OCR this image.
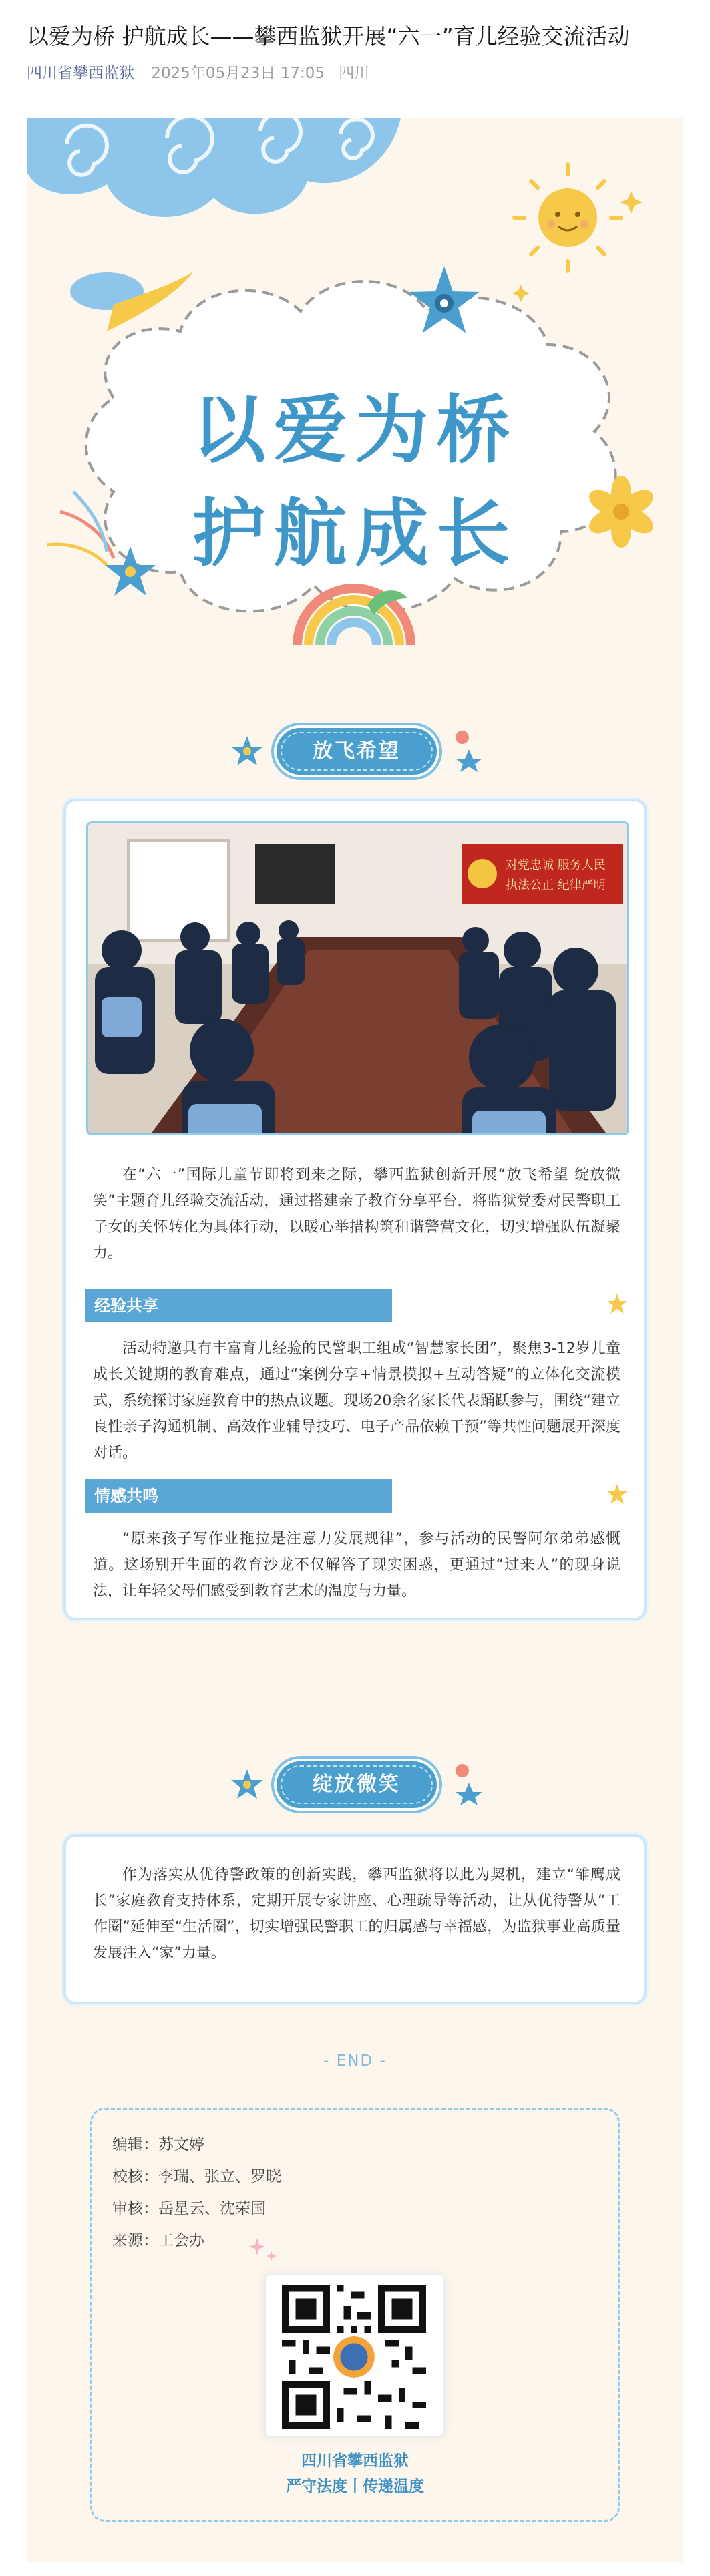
以爱为桥 护航成长——攀西监狱开展“六一”育儿经验交流活动
四川省攀西监狱 2025年05月23日 17:05 四川
以爱为桥
护航成长
放飞希望
对党忠诚 服务人民
执法公正 纪律严明

在“六一”国际儿童节即将到来之际，攀西监狱创新开展“放飞希望 绽放微笑”主题育儿经验交流活动，通过搭建亲子教育分享平台，将监狱党委对民警职工子女的关怀转化为具体行动，以暖心举措构筑和谐警营文化，切实增强队伍凝聚力。

经验共享

活动特邀具有丰富育儿经验的民警职工组成“智慧家长团”，聚焦3-12岁儿童成长关键期的教育难点，通过“案例分享+情景模拟+互动答疑”的立体化交流模式，系统探讨家庭教育中的热点议题。现场20余名家长代表踊跃参与，围绕“建立良性亲子沟通机制、高效作业辅导技巧、电子产品依赖干预”等共性问题展开深度对话。

情感共鸣

“原来孩子写作业拖拉是注意力发展规律”，参与活动的民警阿尔弟弟感慨道。这场别开生面的教育沙龙不仅解答了现实困惑，更通过“过来人”的现身说法，让年轻父母们感受到教育艺术的温度与力量。

绽放微笑

作为落实从优待警政策的创新实践，攀西监狱将以此为契机，建立“雏鹰成长”家庭教育支持体系，定期开展专家讲座、心理疏导等活动，让从优待警从“工作圈”延伸至“生活圈”，切实增强民警职工的归属感与幸福感，为监狱事业高质量发展注入“家”力量。

- END -
编辑：苏文婷
校核：李瑞、张立、罗晓
审核：岳星云、沈荣国
来源：工会办
四川省攀西监狱
严守法度丨传递温度
